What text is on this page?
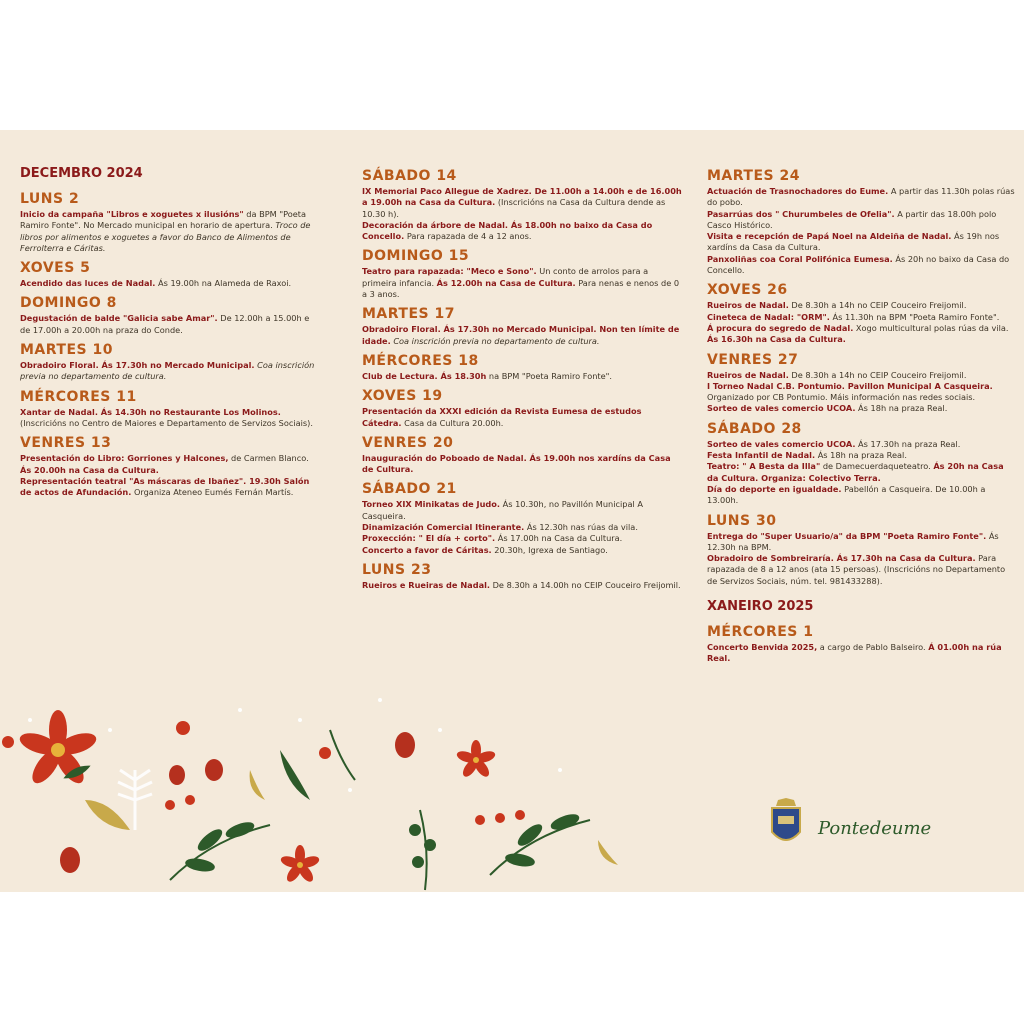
DECEMBRO 2024
LUNS 2

Inicio da campaña "Libros e xoguetes x ilusións" da BPM "Poeta Ramiro Fonte". No Mercado municipal en horario de apertura. Troco de libros por alimentos e xoguetes a favor do Banco de Alimentos de Ferrolterra e Cáritas.

XOVES 5

Acendido das luces de Nadal. Ás 19.00h na Alameda de Raxoi.

DOMINGO 8

Degustación de balde "Galicia sabe Amar". De 12.00h a 15.00h e de 17.00h a 20.00h na praza do Conde.

MARTES 10

Obradoiro Floral. Ás 17.30h no Mercado Municipal. Coa inscrición previa no departamento de cultura.

MÉRCORES 11

Xantar de Nadal. Ás 14.30h no Restaurante Los Molinos. (Inscricións no Centro de Maiores e Departamento de Servizos Sociais).

VENRES 13

Presentación do Libro: Gorriones y Halcones, de Carmen Blanco. Ás 20.00h na Casa da Cultura.

Representación teatral "As máscaras de Ibañez". 19.30h Salón de actos de Afundación. Organiza Ateneo Eumés Fernán Martís.

SÁBADO 14

IX Memorial Paco Allegue de Xadrez. De 11.00h a 14.00h e de 16.00h a 19.00h na Casa da Cultura. (Inscricións na Casa da Cultura dende as 10.30 h).

Decoración da árbore de Nadal. Ás 18.00h no baixo da Casa do Concello. Para rapazada de 4 a 12 anos.

DOMINGO 15

Teatro para rapazada: "Meco e Sono". Un conto de arrolos para a primeira infancia. Ás 12.00h na Casa de Cultura. Para nenas e nenos de 0 a 3 anos.

MARTES 17

Obradoiro Floral. Ás 17.30h no Mercado Municipal. Non ten límite de idade. Coa inscrición previa no departamento de cultura.

MÉRCORES 18

Club de Lectura. Ás 18.30h na BPM "Poeta Ramiro Fonte".

XOVES 19

Presentación da XXXI edición da Revista Eumesa de estudos Cátedra. Casa da Cultura 20.00h.

VENRES 20

Inauguración do Poboado de Nadal. Ás 19.00h nos xardíns da Casa de Cultura.

SÁBADO 21

Torneo XIX Minikatas de Judo. Ás 10.30h, no Pavillón Municipal A Casqueira.

Dinamización Comercial Itinerante. Ás 12.30h nas rúas da vila.

Proxección: " El día + corto". Ás 17.00h na Casa da Cultura.

Concerto a favor de Cáritas. 20.30h, Igrexa de Santiago.

LUNS 23

Rueiros e Rueiras de Nadal. De 8.30h a 14.00h no CEIP Couceiro Freijomil.

MARTES 24

Actuación de Trasnochadores do Eume. A partir das 11.30h polas rúas do pobo.

Pasarrúas dos " Churumbeles de Ofelia". A partir das 18.00h polo Casco Histórico.

Visita e recepción de Papá Noel na Aldeiña de Nadal. Ás 19h nos xardíns da Casa da Cultura.

Panxoliñas coa Coral Polifónica Eumesa. Ás 20h no baixo da Casa do Concello.

XOVES 26

Rueiros de Nadal. De 8.30h a 14h no CEIP Couceiro Freijomil.

Cineteca de Nadal: "ORM". Ás 11.30h na BPM "Poeta Ramiro Fonte".

Á procura do segredo de Nadal. Xogo multicultural polas rúas da vila. Ás 16.30h na Casa da Cultura.

VENRES 27

Rueiros de Nadal. De 8.30h a 14h no CEIP Couceiro Freijomil.

I Torneo Nadal C.B. Pontumio. Pavillon Municipal A Casqueira. Organizado por CB Pontumio. Máis información nas redes sociais.

Sorteo de vales comercio UCOA. Ás 18h na praza Real.

SÁBADO 28

Sorteo de vales comercio UCOA. Ás 17.30h na praza Real.

Festa Infantil de Nadal. Ás 18h na praza Real.

Teatro: " A Besta da Illa" de Damecuerdaqueteatro. Ás 20h na Casa da Cultura. Organiza: Colectivo Terra.

Día do deporte en igualdade. Pabellón a Casqueira. De 10.00h a 13.00h.

LUNS 30

Entrega do "Super Usuario/a" da BPM "Poeta Ramiro Fonte". Ás 12.30h na BPM.

Obradoiro de Sombreiraría. Ás 17.30h na Casa da Cultura. Para rapazada de 8 a 12 anos (ata 15 persoas). (Inscricións no Departamento de Servizos Sociais, núm. tel. 981433288).

XANEIRO 2025
MÉRCORES 1

Concerto Benvida 2025, a cargo de Pablo Balseiro. Á 01.00h na rúa Real.

Pontedeume
